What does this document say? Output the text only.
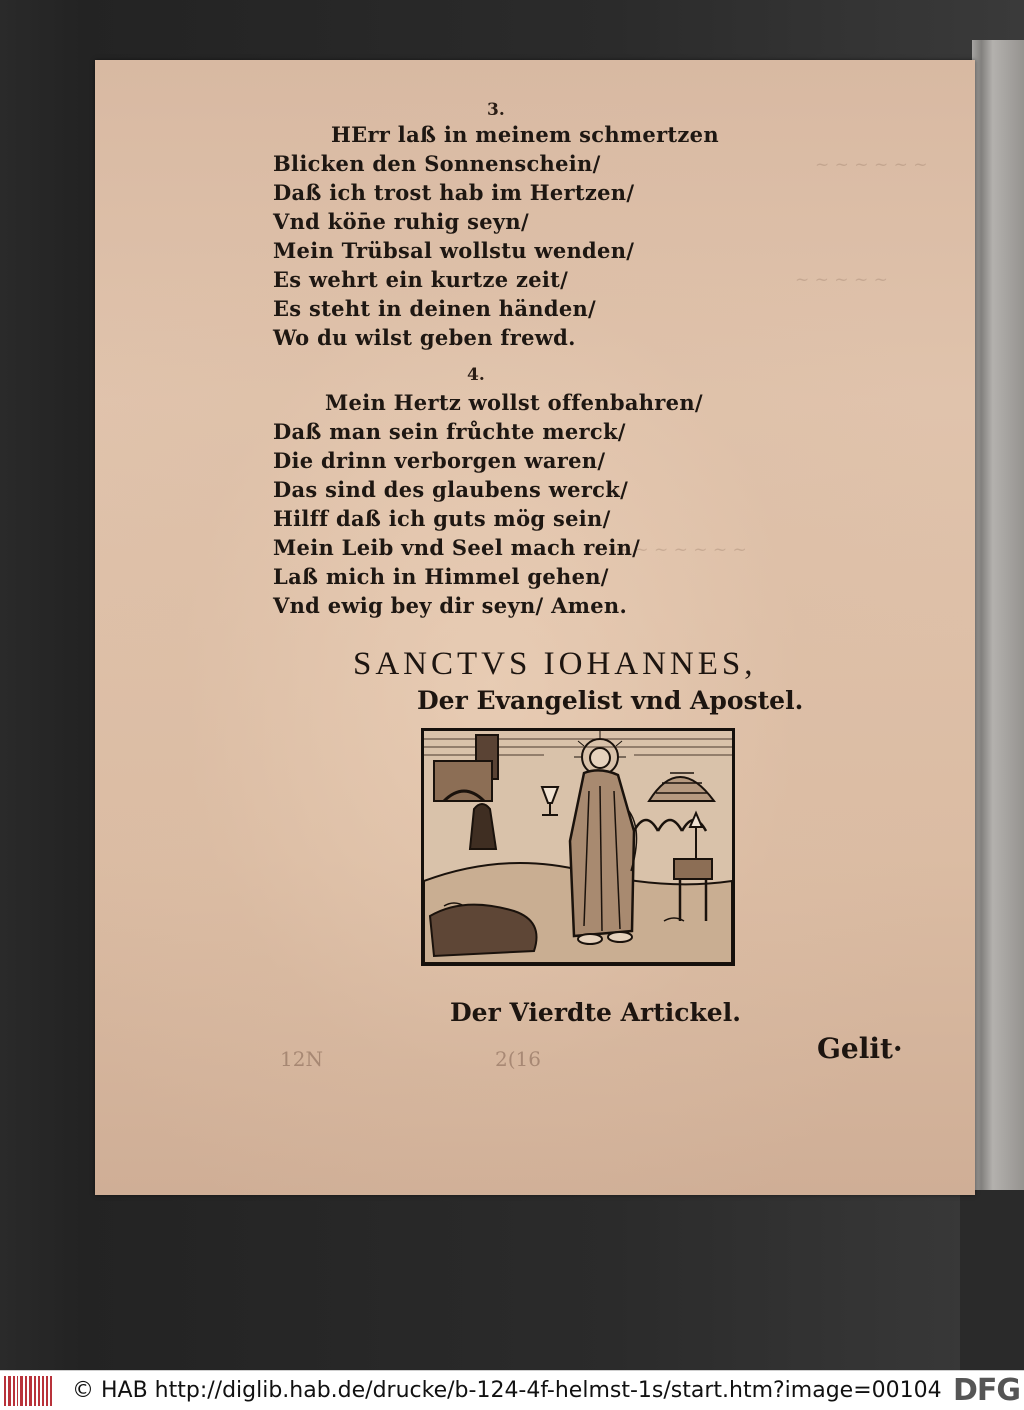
~ ~ ~ ~ ~ ~
~ ~ ~ ~ ~
~ ~ ~ ~ ~ ~ ~ ~
3.
HErr laß in meinem schmertzen
Blicken den Sonnenschein/
Daß ich trost hab im Hertzen/
Vnd kön̄e ruhig seyn/
Mein Trübsal wollstu wenden/
Es wehrt ein kurtze zeit/
Es steht in deinen händen/
Wo du wilst geben frewd.
4.
Mein Hertz wollst offenbahren/
Daß man sein frůchte merck/
Die drinn verborgen waren/
Das sind des glaubens werck/
Hilff daß ich guts mög sein/
Mein Leib vnd Seel mach rein/
Laß mich in Himmel gehen/
Vnd ewig bey dir seyn/ Amen.
SANCTVS IOHANNES,
Der Evangelist vnd Apostel.
Der Vierdte Artickel.
Gelit·
12N	2(16
© HAB http://diglib.hab.de/drucke/b-124-4f-helmst-1s/start.htm?image=00104 DFG
